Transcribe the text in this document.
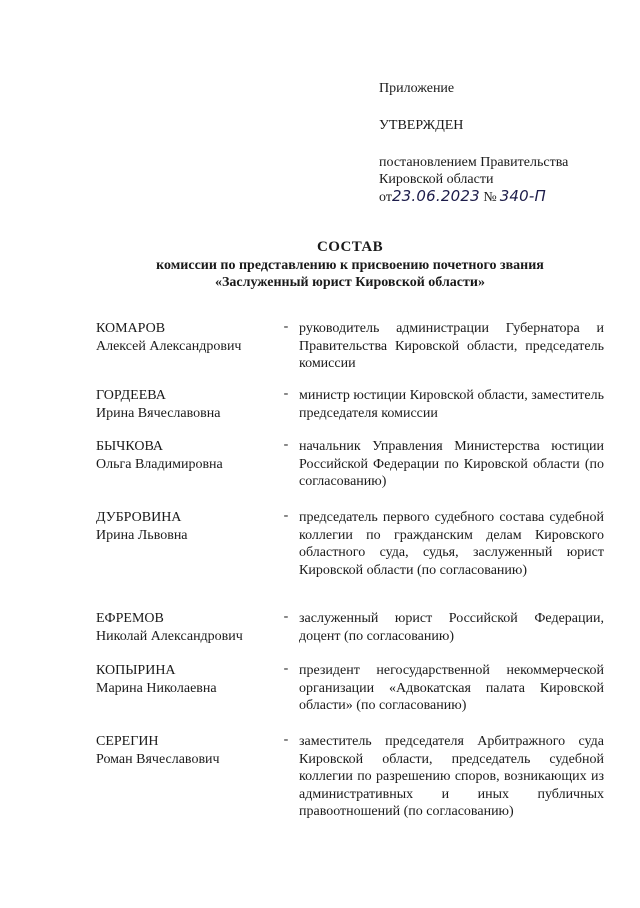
Приложение

УТВЕРЖДЕН

постановлением Правительства

Кировской области

от23.06.2023 № 340-П

СОСТАВ
комиссии по представлению к присвоению почетного звания
«Заслуженный юрист Кировской области»
КОМАРОВ
Алексей Александрович
- руководитель администрации Губернатора и Правительства Кировской области, председатель комиссии
ГОРДЕЕВА
Ирина Вячеславовна
- министр юстиции Кировской области, заместитель председателя комиссии
БЫЧКОВА
Ольга Владимировна
- начальник Управления Министерства юстиции Российской Федерации по Кировской области (по согласованию)
ДУБРОВИНА
Ирина Львовна
- председатель первого судебного состава судебной коллегии по гражданским делам Кировского областного суда, судья, заслуженный юрист Кировской области (по согласованию)
ЕФРЕМОВ
Николай Александрович
- заслуженный юрист Российской Федерации, доцент (по согласованию)
КОПЫРИНА
Марина Николаевна
- президент негосударственной некоммерческой организации «Адвокатская палата Кировской области» (по согласованию)
СЕРЕГИН
Роман Вячеславович
- заместитель председателя Арбитражного суда Кировской области, председатель судебной коллегии по разрешению споров, возникающих из административных и иных публичных правоотношений (по согласованию)
